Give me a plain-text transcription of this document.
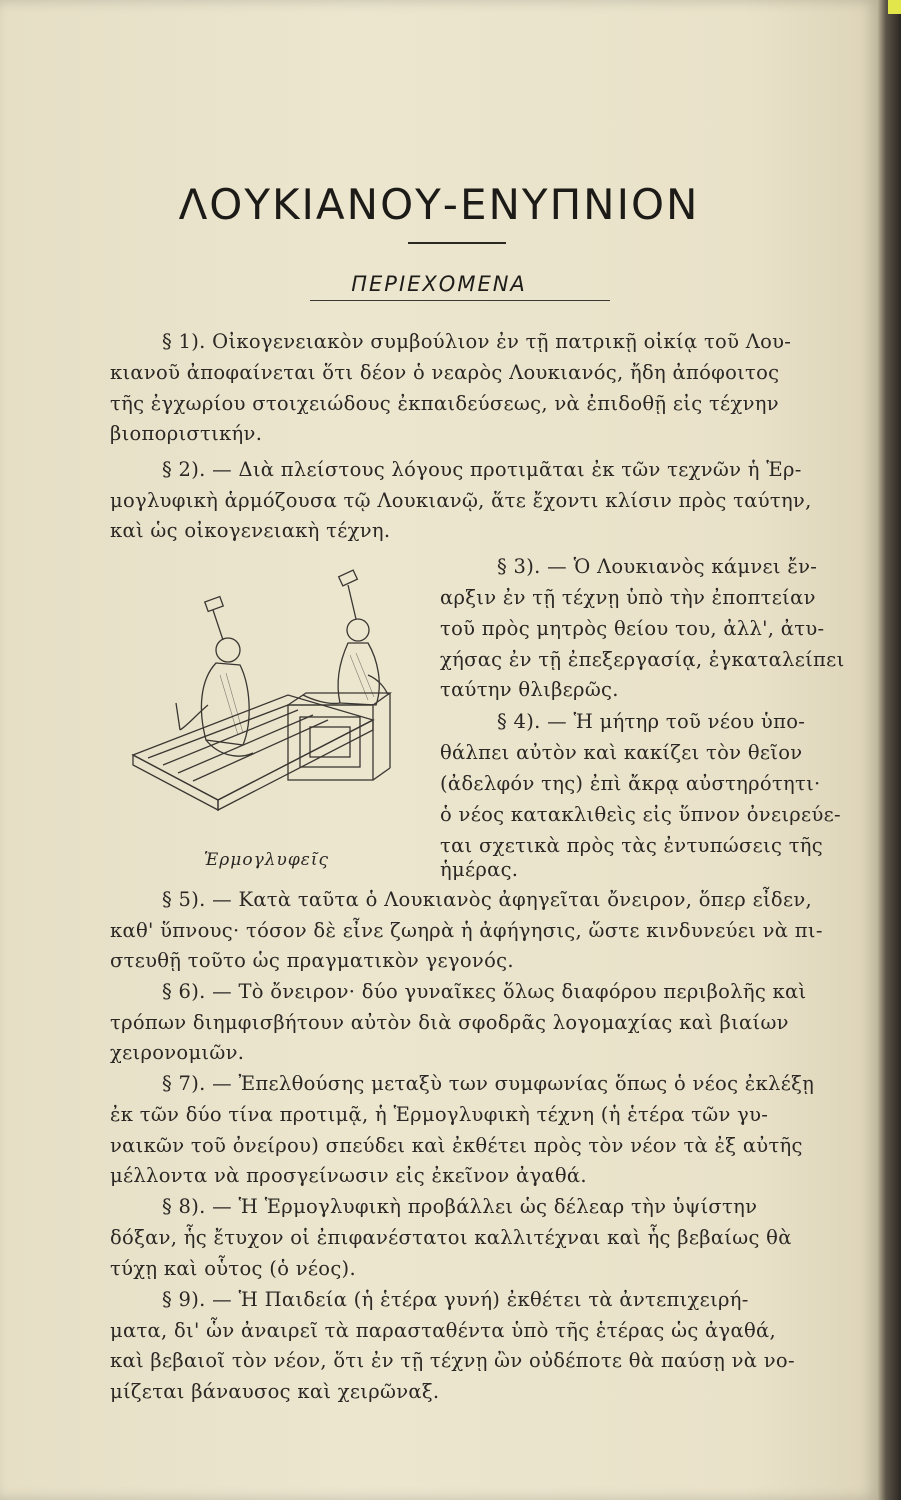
ΛΟΥΚΙΑΝΟΥ-ΕΝΥΠΝΙΟΝ
ΠΕΡΙΕΧΟΜΕΝΑ
§ 1). Οἰκογενειακὸν συμβούλιον ἐν τῇ πατρικῇ οἰκίᾳ τοῦ Λου-
κιανοῦ ἀποφαίνεται ὅτι δέον ὁ νεαρὸς Λουκιανός, ἤδη ἀπόφοιτος
τῆς ἐγχωρίου στοιχειώδους ἐκπαιδεύσεως, νὰ ἐπιδοθῇ εἰς τέχνην
βιοποριστικήν.
§ 2). — Διὰ πλείστους λόγους προτιμᾶται ἐκ τῶν τεχνῶν ἡ Ἑρ-
μογλυφικὴ ἁρμόζουσα τῷ Λουκιανῷ, ἅτε ἔχοντι κλίσιν πρὸς ταύτην,
καὶ ὡς οἰκογενειακὴ τέχνη.
§ 3). — Ὁ Λουκιανὸς κάμνει ἔν-
αρξιν ἐν τῇ τέχνῃ ὑπὸ τὴν ἐποπτείαν
τοῦ πρὸς μητρὸς θείου του, ἀλλ', ἀτυ-
χήσας ἐν τῇ ἐπεξεργασίᾳ, ἐγκαταλείπει
ταύτην θλιβερῶς.
§ 4). — Ἡ μήτηρ τοῦ νέου ὑπο-
θάλπει αὐτὸν καὶ κακίζει τὸν θεῖον
(ἀδελφόν της) ἐπὶ ἄκρᾳ αὐστηρότητι·
ὁ νέος κατακλιθεὶς εἰς ὕπνον ὀνειρεύε-
ται σχετικὰ πρὸς τὰς ἐντυπώσεις τῆς
ἡμέρας.
§ 5). — Κατὰ ταῦτα ὁ Λουκιανὸς ἀφηγεῖται ὄνειρον, ὅπερ εἶδεν,
καθ' ὕπνους· τόσον δὲ εἶνε ζωηρὰ ἡ ἀφήγησις, ὥστε κινδυνεύει νὰ πι-
στευθῇ τοῦτο ὡς πραγματικὸν γεγονός.
§ 6). — Τὸ ὄνειρον· δύο γυναῖκες ὅλως διαφόρου περιβολῆς καὶ
τρόπων διημφισβήτουν αὐτὸν διὰ σφοδρᾶς λογομαχίας καὶ βιαίων
χειρονομιῶν.
§ 7). — Ἐπελθούσης μεταξὺ των συμφωνίας ὅπως ὁ νέος ἐκλέξῃ
ἐκ τῶν δύο τίνα προτιμᾷ, ἡ Ἑρμογλυφικὴ τέχνη (ἡ ἑτέρα τῶν γυ-
ναικῶν τοῦ ὀνείρου) σπεύδει καὶ ἐκθέτει πρὸς τὸν νέον τὰ ἐξ αὐτῆς
μέλλοντα νὰ προσγείνωσιν εἰς ἐκεῖνον ἀγαθά.
§ 8). — Ἡ Ἑρμογλυφικὴ προβάλλει ὡς δέλεαρ τὴν ὑψίστην
δόξαν, ἧς ἔτυχον οἱ ἐπιφανέστατοι καλλιτέχναι καὶ ἧς βεβαίως θὰ
τύχῃ καὶ οὗτος (ὁ νέος).
§ 9). — Ἡ Παιδεία (ἡ ἑτέρα γυνή) ἐκθέτει τὰ ἀντεπιχειρή-
ματα, δι' ὧν ἀναιρεῖ τὰ παρασταθέντα ὑπὸ τῆς ἑτέρας ὡς ἀγαθά,
καὶ βεβαιοῖ τὸν νέον, ὅτι ἐν τῇ τέχνῃ ὢν οὐδέποτε θὰ παύσῃ νὰ νο-
μίζεται βάναυσος καὶ χειρῶναξ.
Ἑρμογλυφεῖς
